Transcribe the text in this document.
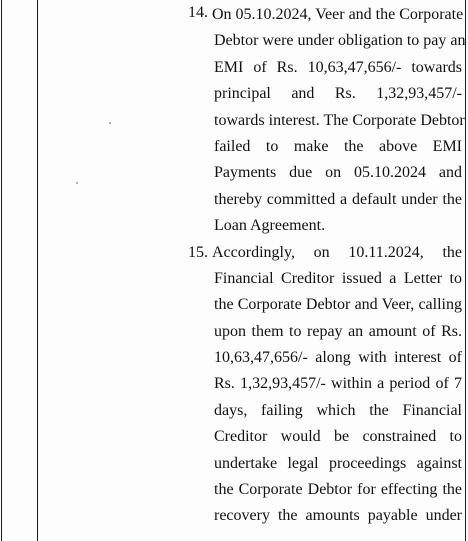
14. On 05.10.2024, Veer and the Corporate
Debtor were under obligation to pay an
EMI of Rs. 10,63,47,656/- towards
principal and Rs. 1,32,93,457/-
towards interest. The Corporate Debtor
failed to make the above EMI
Payments due on 05.10.2024 and
thereby committed a default under the
Loan Agreement.
15. Accordingly, on 10.11.2024, the
Financial Creditor issued a Letter to
the Corporate Debtor and Veer, calling
upon them to repay an amount of Rs.
10,63,47,656/- along with interest of
Rs. 1,32,93,457/- within a period of 7
days, failing which the Financial
Creditor would be constrained to
undertake legal proceedings against
the Corporate Debtor for effecting the
recovery the amounts payable under
